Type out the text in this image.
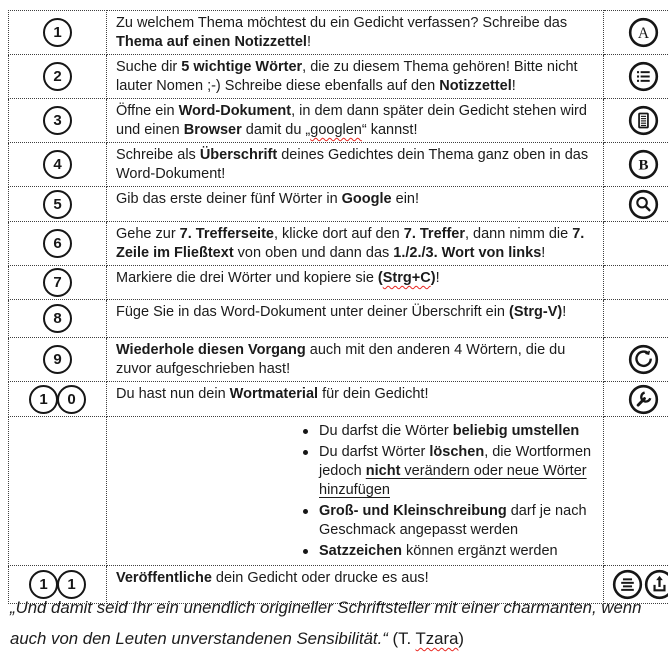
1	Zu welchem Thema möchtest du ein Gedicht verfassen? Schreibe das Thema auf einen Notizzettel!	A

2	Suche dir 5 wichtige Wörter, die zu diesem Thema gehören! Bitte nicht lauter Nomen ;-) Schreibe diese ebenfalls auf den Notizzettel!	

3	Öffne ein Word-Dokument, in dem dann später dein Gedicht stehen wird und einen Browser damit du „googlen“ kannst!	

4	Schreibe als Überschrift deines Gedichtes dein Thema ganz oben in das Word-Dokument!	B

5	Gib das erste deiner fünf Wörter in Google ein!	

6	Gehe zur 7. Trefferseite, klicke dort auf den 7. Treffer, dann nimm die 7. Zeile im Fließtext von oben und dann das 1./2./3. Wort von links!	

7	Markiere die drei Wörter und kopiere sie (Strg+C)!	

8	Füge Sie in das Word-Dokument unter deiner Überschrift ein (Strg-V)!	

9	Wiederhole diesen Vorgang auch mit den anderen 4 Wörtern, die du zuvor aufgeschrieben hast!	

1 0	Du hast nun dein Wortmaterial für dein Gedicht!	

Du darfst die Wörter beliebig umstellen
Du darfst Wörter löschen, die Wortformen jedoch nicht verändern oder neue Wörter hinzufügen
Groß- und Kleinschreibung darf je nach Geschmack angepasst werden
Satzzeichen können ergänzt werden

1 1	Veröffentliche dein Gedicht oder drucke es aus!	
„Und damit seid Ihr ein unendlich origineller Schriftsteller mit einer charmanten, wenn auch von den Leuten unverstandenen Sensibilität.“ (T. Tzara)
